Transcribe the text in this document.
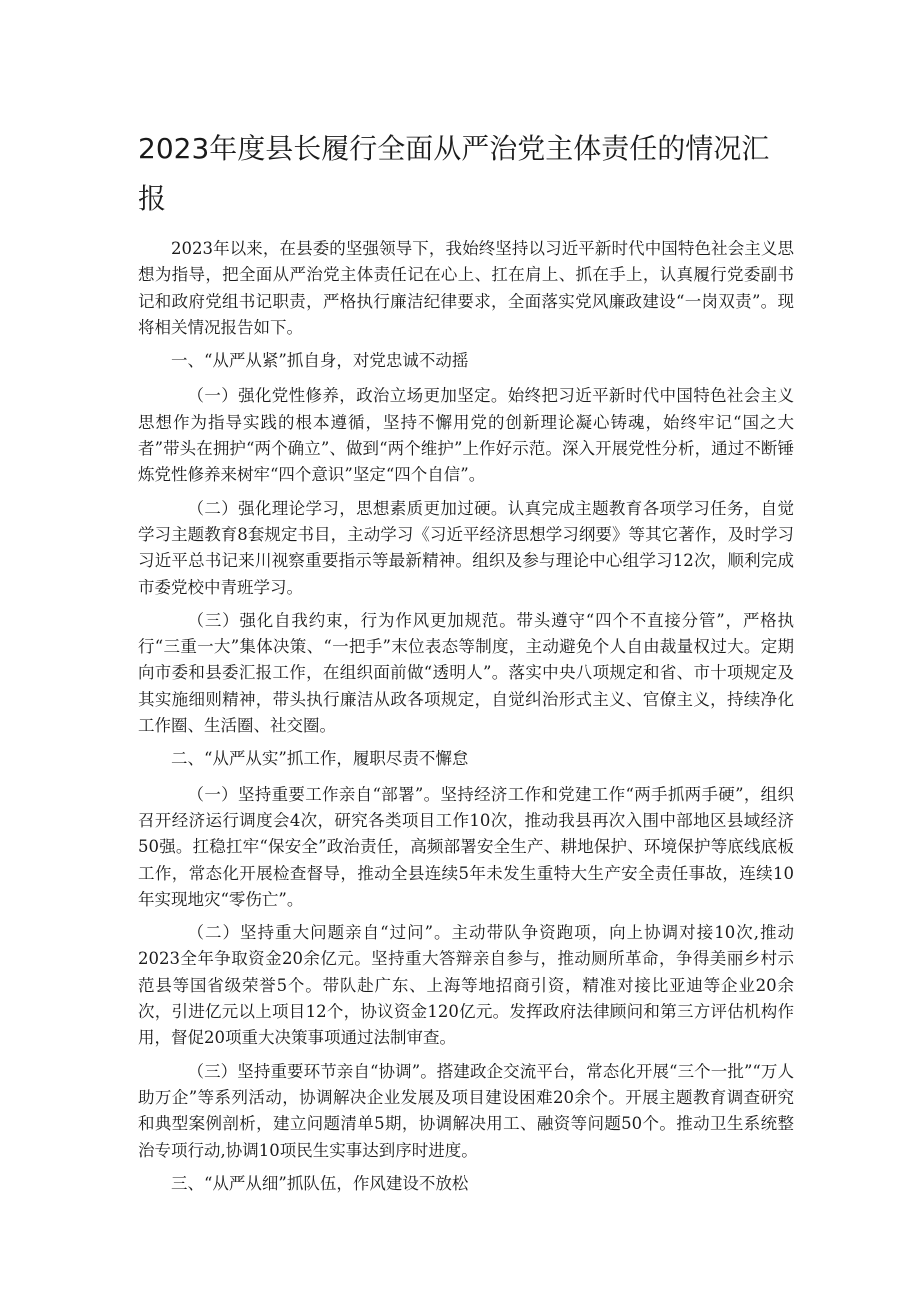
2023年度县长履行全面从严治党主体责任的情况汇报

2023年以来，在县委的坚强领导下，我始终坚持以习近平新时代中国特色社会主义思想为指导，把全面从严治党主体责任记在心上、扛在肩上、抓在手上，认真履行党委副书记和政府党组书记职责，严格执行廉洁纪律要求，全面落实党风廉政建设“一岗双责”。现将相关情况报告如下。

一、“从严从紧”抓自身，对党忠诚不动摇

（一）强化党性修养，政治立场更加坚定。始终把习近平新时代中国特色社会主义思想作为指导实践的根本遵循，坚持不懈用党的创新理论凝心铸魂，始终牢记“国之大者”带头在拥护“两个确立”、做到“两个维护”上作好示范。深入开展党性分析，通过不断锤炼党性修养来树牢“四个意识”坚定“四个自信”。

（二）强化理论学习，思想素质更加过硬。认真完成主题教育各项学习任务，自觉学习主题教育8套规定书目，主动学习《习近平经济思想学习纲要》等其它著作，及时学习习近平总书记来川视察重要指示等最新精神。组织及参与理论中心组学习12次，顺利完成市委党校中青班学习。

（三）强化自我约束，行为作风更加规范。带头遵守“四个不直接分管”，严格执行“三重一大”集体决策、“一把手”末位表态等制度，主动避免个人自由裁量权过大。定期向市委和县委汇报工作，在组织面前做“透明人”。落实中央八项规定和省、市十项规定及其实施细则精神，带头执行廉洁从政各项规定，自觉纠治形式主义、官僚主义，持续净化工作圈、生活圈、社交圈。

二、“从严从实”抓工作，履职尽责不懈怠

（一）坚持重要工作亲自“部署”。坚持经济工作和党建工作“两手抓两手硬”，组织召开经济运行调度会4次，研究各类项目工作10次，推动我县再次入围中部地区县域经济50强。扛稳扛牢“保安全”政治责任，高频部署安全生产、耕地保护、环境保护等底线底板工作，常态化开展检查督导，推动全县连续5年未发生重特大生产安全责任事故，连续10年实现地灾“零伤亡”。

（二）坚持重大问题亲自“过问”。主动带队争资跑项，向上协调对接10次,推动2023全年争取资金20余亿元。坚持重大答辩亲自参与，推动厕所革命，争得美丽乡村示范县等国省级荣誉5个。带队赴广东、上海等地招商引资，精准对接比亚迪等企业20余次，引进亿元以上项目12个，协议资金120亿元。发挥政府法律顾问和第三方评估机构作用，督促20项重大决策事项通过法制审查。

（三）坚持重要环节亲自“协调”。搭建政企交流平台，常态化开展“三个一批”“万人助万企”等系列活动，协调解决企业发展及项目建设困难20余个。开展主题教育调查研究和典型案例剖析，建立问题清单5期，协调解决用工、融资等问题50个。推动卫生系统整治专项行动,协调10项民生实事达到序时进度。

三、“从严从细”抓队伍，作风建设不放松
